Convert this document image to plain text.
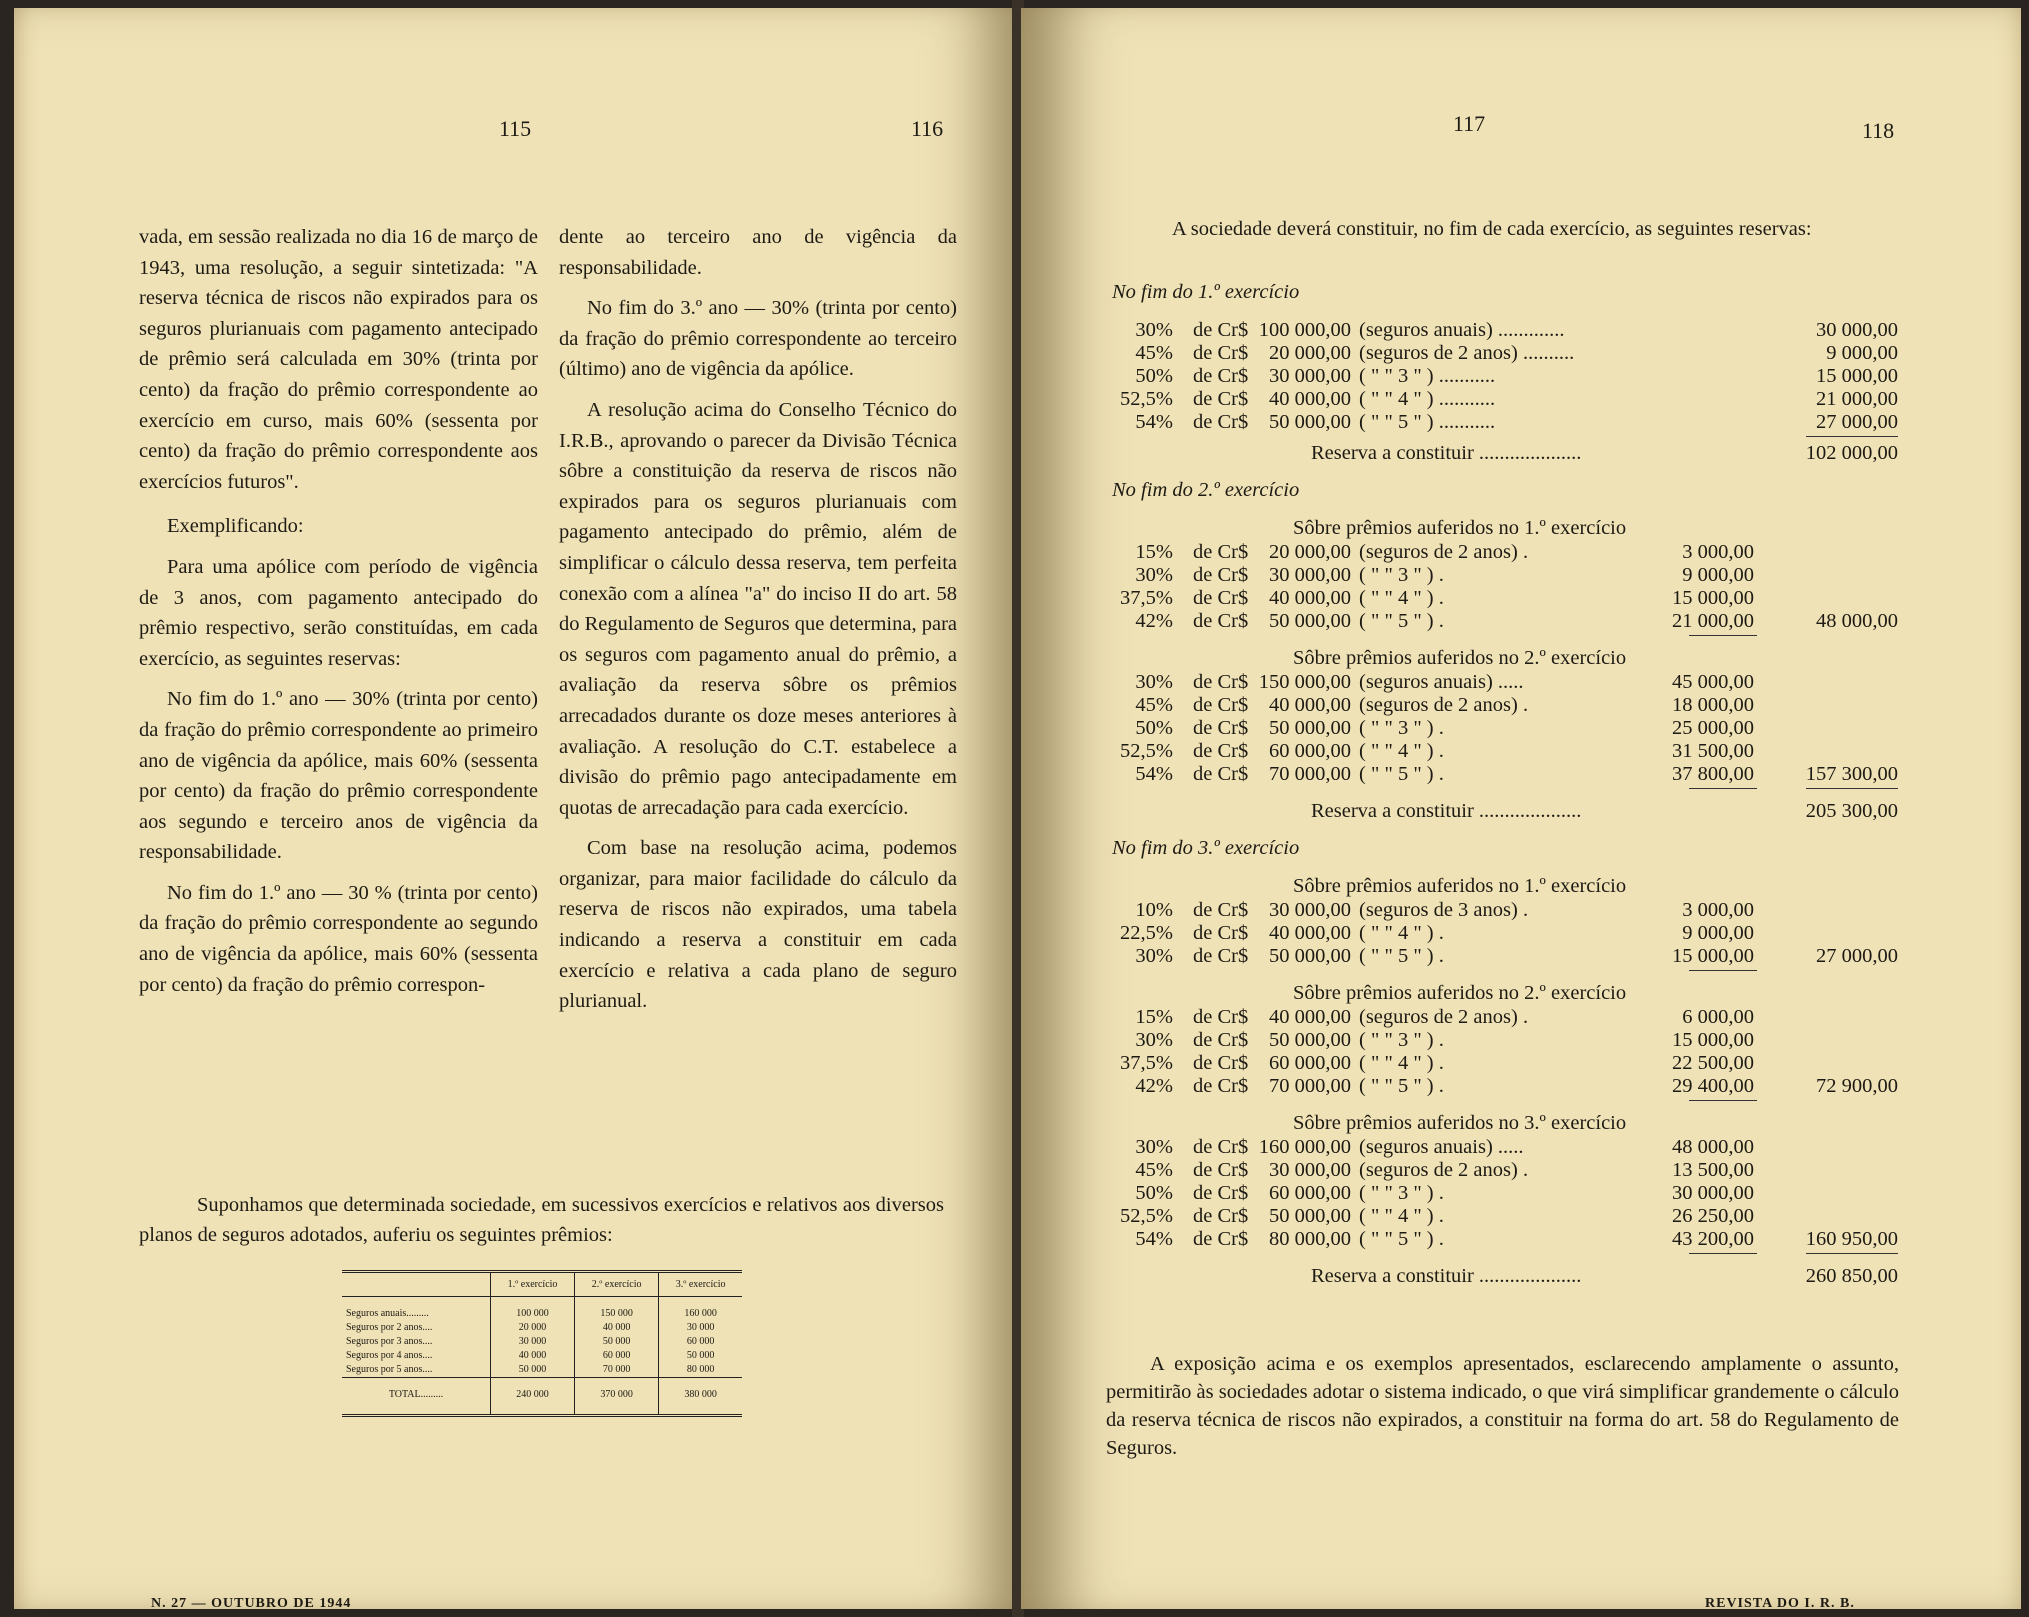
115	116

vada, em sessão realizada no dia 16 de março de 1943, uma resolução, a seguir sintetizada: "A reserva técnica de riscos não expirados para os seguros plurianuais com pagamento antecipado de prêmio será calculada em 30% (trinta por cento) da fração do prêmio correspondente ao exercício em curso, mais 60% (sessenta por cento) da fração do prêmio correspondente aos exercícios futuros".

Exemplificando:

Para uma apólice com período de vigência de 3 anos, com pagamento antecipado do prêmio respectivo, serão constituídas, em cada exercício, as seguintes reservas:

No fim do 1.º ano — 30% (trinta por cento) da fração do prêmio correspondente ao primeiro ano de vigência da apólice, mais 60% (sessenta por cento) da fração do prêmio correspondente aos segundo e terceiro anos de vigência da responsabilidade.

No fim do 1.º ano — 30 % (trinta por cento) da fração do prêmio correspondente ao segundo ano de vigência da apólice, mais 60% (sessenta por cento) da fração do prêmio correspon-

dente ao terceiro ano de vigência da responsabilidade.

No fim do 3.º ano — 30% (trinta por cento) da fração do prêmio correspondente ao terceiro (último) ano de vigência da apólice.

A resolução acima do Conselho Técnico do I.R.B., aprovando o parecer da Divisão Técnica sôbre a constituição da reserva de riscos não expirados para os seguros plurianuais com pagamento antecipado do prêmio, além de simplificar o cálculo dessa reserva, tem perfeita conexão com a alínea "a" do inciso II do art. 58 do Regulamento de Seguros que determina, para os seguros com pagamento anual do prêmio, a avaliação da reserva sôbre os prêmios arrecadados durante os doze meses anteriores à avaliação. A resolução do C.T. estabelece a divisão do prêmio pago antecipadamente em quotas de arrecadação para cada exercício.

Com base na resolução acima, podemos organizar, para maior facilidade do cálculo da reserva de riscos não expirados, uma tabela indicando a reserva a constituir em cada exercício e relativa a cada plano de seguro plurianual.

Suponhamos que determinada sociedade, em sucessivos exercícios e relativos aos diversos planos de seguros adotados, auferiu os seguintes prêmios:
	1.º exercício	2.º exercício	3.º exercício
Seguros anuais.........	100 000	150 000	160 000
Seguros por 2 anos....	20 000	40 000	30 000
Seguros por 3 anos....	30 000	50 000	60 000
Seguros por 4 anos....	40 000	60 000	50 000
Seguros por 5 anos....	50 000	70 000	80 000
TOTAL.........	240 000	370 000	380 000
N. 27 — OUTUBRO DE 1944
117	118
A sociedade deverá constituir, no fim de cada exercício, as seguintes reservas:
A exposição acima e os exemplos apresentados, esclarecendo amplamente o assunto, permitirão às sociedades adotar o sistema indicado, o que virá simplificar grandemente o cálculo da reserva técnica de riscos não expirados, a constituir na forma do art. 58 do Regulamento de Seguros.
REVISTA DO I. R. B.
No fim do 1.º exercício
30% de Cr$ 100 000,00 (seguros anuais) .............	30 000,00
45% de Cr$	20 000,00 (seguros de 2 anos) ..........	9 000,00
50% de Cr$	30 000,00 ( " " 3 " ) ...........	15 000,00
52,5% de Cr$	40 000,00 ( " " 4 " ) ...........	21 000,00
54% de Cr$	50 000,00 ( " " 5 " ) ...........	27 000,00
Reserva a constituir ....................	102 000,00
No fim do 2.º exercício
Sôbre prêmios auferidos no 1.º exercício
15% de Cr$	20 000,00 (seguros de 2 anos) .	3 000,00
30% de Cr$	30 000,00 ( " " 3 " ) .	9 000,00
37,5% de Cr$	40 000,00 ( " " 4 " ) .	15 000,00
42% de Cr$	50 000,00 ( " " 5 " ) .	21 000,00	48 000,00
Sôbre prêmios auferidos no 2.º exercício
30% de Cr$ 150 000,00 (seguros anuais) .....	45 000,00
45% de Cr$	40 000,00 (seguros de 2 anos) .	18 000,00
50% de Cr$	50 000,00 ( " " 3 " ) .	25 000,00
52,5% de Cr$	60 000,00 ( " " 4 " ) .	31 500,00
54% de Cr$	70 000,00 ( " " 5 " ) .	37 800,00	157 300,00
Reserva a constituir ....................	205 300,00
No fim do 3.º exercício
Sôbre prêmios auferidos no 1.º exercício
10% de Cr$	30 000,00 (seguros de 3 anos) .	3 000,00
22,5% de Cr$	40 000,00 ( " " 4 " ) .	9 000,00
30% de Cr$	50 000,00 ( " " 5 " ) .	15 000,00	27 000,00
Sôbre prêmios auferidos no 2.º exercício
15% de Cr$	40 000,00 (seguros de 2 anos) .	6 000,00
30% de Cr$	50 000,00 ( " " 3 " ) .	15 000,00
37,5% de Cr$	60 000,00 ( " " 4 " ) .	22 500,00
42% de Cr$	70 000,00 ( " " 5 " ) .	29 400,00	72 900,00
Sôbre prêmios auferidos no 3.º exercício
30% de Cr$ 160 000,00 (seguros anuais) .....	48 000,00
45% de Cr$	30 000,00 (seguros de 2 anos) .	13 500,00
50% de Cr$	60 000,00 ( " " 3 " ) .	30 000,00
52,5% de Cr$	50 000,00 ( " " 4 " ) .	26 250,00
54% de Cr$	80 000,00 ( " " 5 " ) .	43 200,00	160 950,00
Reserva a constituir ....................	260 850,00
